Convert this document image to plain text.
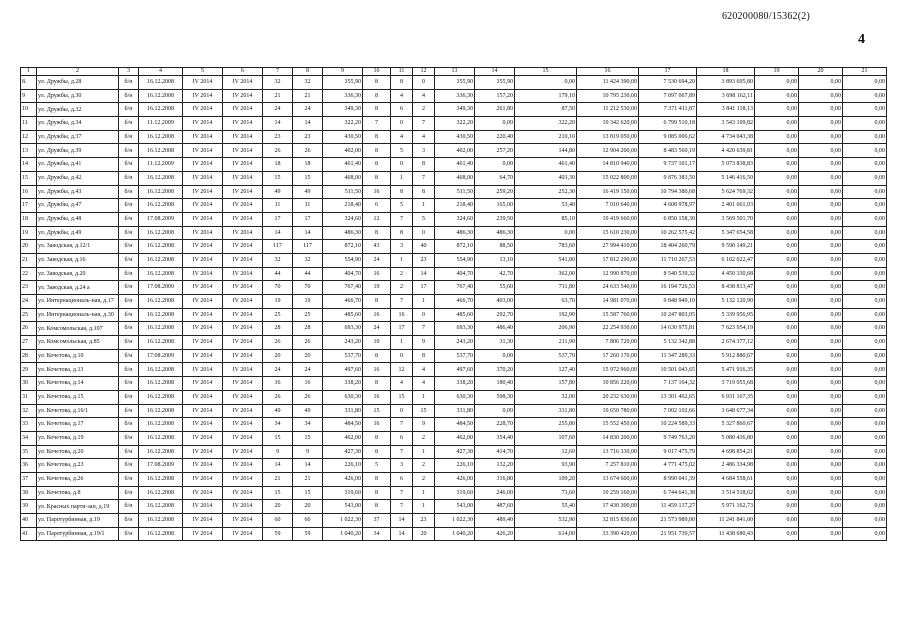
620200080/15362(2)
4
1	2	3	4	5	6	7	8	9	10	11	12	13	14	15	16	17	18	19	20	21
8.	ул. Дружбы, д.28	б/н	16.12.2008	IV 2014	IV 2014	32	32	355,90	8	8	0	355,90	355,90	0,00	11 424 390,00	7 530 694,20	3 893 695,80	0,00	0,00	0,00
9	ул. Дружбы, д.30	б/н	16.12.2008	IV 2014	IV 2014	21	21	336,30	8	4	4	336,30	157,20	179,10	10 795 230,00	7 097 067,89	3 698 162,11	0,00	0,00	0,00
10	ул. Дружбы, д.32	б/н	16.12.2008	IV 2014	IV 2014	24	24	349,30	8	6	2	349,30	261,80	87,50	11 212 530,00	7 371 411,87	3 841 118,13	0,00	0,00	0,00
11	ул. Дружбы, д.34	б/н	11.12.2009	IV 2014	IV 2014	14	14	322,20	7	0	7	322,20	0,00	322,20	10 342 620,00	6 799 510,18	3 543 109,82	0,00	0,00	0,00
12	ул. Дружбы, д.37	б/н	16.12.2008	IV 2014	IV 2014	23	23	430,50	8	4	4	430,50	220,40	210,10	13 819 050,00	9 085 006,62	4 734 043,38	0,00	0,00	0,00
13	ул. Дружбы, д.39	б/н	16.12.2008	IV 2014	IV 2014	26	26	402,00	8	5	3	402,00	257,20	144,80	12 904 200,00	8 483 560,19	4 420 639,81	0,00	0,00	0,00
14	ул. Дружбы, д.41	б/н	11.12.2009	IV 2014	IV 2014	18	18	461,40	8	0	8	461,40	0,00	461,40	14 810 940,00	9 737 101,17	5 073 838,83	0,00	0,00	0,00
15	ул. Дружбы, д.42	б/н	16.12.2008	IV 2014	IV 2014	15	15	468,00	8	1	7	468,00	64,70	403,30	15 022 800,00	9 876 383,50	5 146 416,50	0,00	0,00	0,00
16	ул. Дружбы, д.43	б/н	16.12.2008	IV 2014	IV 2014	49	49	511,50	16	8	8	511,50	259,20	252,30	16 419 150,00	10 794 380,68	5 624 769,32	0,00	0,00	0,00
17	ул. Дружбы, д.47	б/н	16.12.2008	IV 2014	IV 2014	11	11	218,40	6	5	1	218,40	165,00	53,40	7 010 640,00	4 608 978,97	2 401 661,03	0,00	0,00	0,00
18	ул. Дружбы, д.48	б/н	17.08.2009	IV 2014	IV 2014	17	17	324,60	12	7	5	324,60	239,50	85,10	10 419 660,00	6 850 158,30	3 569 501,70	0,00	0,00	0,00
19	ул. Дружбы, д.49	б/н	16.12.2008	IV 2014	IV 2014	14	14	486,30	8	8	0	486,30	486,30	0,00	15 610 230,00	10 262 575,42	5 347 654,58	0,00	0,00	0,00
20	ул. Заводская, д.12/1	б/н	16.12.2008	IV 2014	IV 2014	117	117	872,10	43	3	40	872,10	88,50	783,60	27 994 410,00	18 404 260,79	9 590 149,21	0,00	0,00	0,00
21	ул. Заводская, д.16	б/н	16.12.2008	IV 2014	IV 2014	32	32	554,90	24	1	23	554,90	13,10	541,80	17 812 290,00	11 710 267,53	6 102 022,47	0,00	0,00	0,00
22	ул. Заводская, д.20	б/н	16.12.2008	IV 2014	IV 2014	44	44	404,70	16	2	14	404,70	42,70	362,00	12 990 870,00	8 540 539,32	4 450 330,68	0,00	0,00	0,00
23	ул. Заводская, д.24 а	б/н	17.08.2009	IV 2014	IV 2014	70	70	767,40	19	2	17	767,40	55,60	711,80	24 633 540,00	16 194 726,53	8 438 813,47	0,00	0,00	0,00
24	ул. Интернациональ-ная, д.17	б/н	16.12.2008	IV 2014	IV 2014	19	19	466,70	8	7	1	466,70	403,00	63,70	14 981 070,00	9 848 949,10	5 132 120,90	0,00	0,00	0,00
25	ул. Интернациональ-ная, д.30	б/н	16.12.2008	IV 2014	IV 2014	25	25	485,60	16	16	0	485,60	292,70	192,90	15 587 760,00	10 247 803,05	5 339 956,95	0,00	0,00	0,00
26	ул. Комсомольская, д.107	б/н	16.12.2008	IV 2014	IV 2014	28	28	693,30	24	17	7	693,30	486,40	206,90	22 254 930,00	14 630 975,81	7 623 954,19	0,00	0,00	0,00
27	ул. Комсомольская, д.85	б/н	16.12.2008	IV 2014	IV 2014	26	26	243,20	10	1	9	243,20	31,30	211,90	7 806 720,00	5 132 342,88	2 674 377,12	0,00	0,00	0,00
28	ул. Кочетова, д.10	б/н	17.08.2009	IV 2014	IV 2014	20	20	537,70	8	0	8	537,70	0,00	537,70	17 260 170,00	11 347 289,33	5 912 880,67	0,00	0,00	0,00
29	ул. Кочетова, д.13	б/н	16.12.2008	IV 2014	IV 2014	24	24	497,60	16	12	4	497,60	370,20	127,40	15 972 960,00	10 501 043,65	5 471 916,35	0,00	0,00	0,00
30	ул. Кочетова, д.14	б/н	16.12.2008	IV 2014	IV 2014	16	16	338,20	8	4	4	338,20	180,40	157,80	10 856 220,00	7 137 164,32	3 719 055,68	0,00	0,00	0,00
31	ул. Кочетова, д.15	б/н	16.12.2008	IV 2014	IV 2014	26	26	630,30	16	15	1	630,30	598,30	32,00	20 232 630,00	13 301 462,65	6 931 167,35	0,00	0,00	0,00
32	ул. Кочетова, д.16/1	б/н	16.12.2008	IV 2014	IV 2014	49	49	331,80	15	0	15	331,80	0,00	331,80	10 650 780,00	7 002 102,66	3 648 677,34	0,00	0,00	0,00
33	ул. Кочетова, д.17	б/н	16.12.2008	IV 2014	IV 2014	34	34	484,50	16	7	9	484,50	228,70	255,80	15 552 450,00	10 224 589,33	5 327 860,67	0,00	0,00	0,00
34	ул. Кочетова, д.19	б/н	16.12.2008	IV 2014	IV 2014	15	15	462,00	8	6	2	462,00	354,40	107,60	14 830 200,00	9 749 763,20	5 080 436,80	0,00	0,00	0,00
35	ул. Кочетова, д.20	б/н	16.12.2008	IV 2014	IV 2014	9	9	427,30	8	7	1	427,30	414,70	12,60	13 716 330,00	9 017 475,79	4 698 854,21	0,00	0,00	0,00
36	ул. Кочетова, д.23	б/н	17.08.2009	IV 2014	IV 2014	14	14	226,10	5	3	2	226,10	132,20	93,90	7 257 810,00	4 771 475,02	2 486 334,98	0,00	0,00	0,00
37	ул. Кочетова, д.26	б/н	16.12.2008	IV 2014	IV 2014	21	21	426,00	8	6	2	426,00	316,80	109,20	13 674 600,00	8 990 041,39	4 684 558,61	0,00	0,00	0,00
38	ул. Кочетова, д.8	б/н	16.12.2008	IV 2014	IV 2014	15	15	319,60	8	7	1	319,60	246,00	73,60	10 259 160,00	6 744 641,38	3 514 518,62	0,00	0,00	0,00
39	ул. Красных парти-зан, д.19	б/н	16.12.2008	IV 2014	IV 2014	20	20	543,00	8	7	1	543,00	487,60	55,40	17 430 300,00	11 459 137,27	5 971 162,73	0,00	0,00	0,00
40	ул. Паротурбинная, д.19	б/н	16.12.2008	IV 2014	IV 2014	60	60	1 022,30	37	14	23	1 022,30	489,40	532,90	32 815 830,00	21 573 989,00	11 241 841,00	0,00	0,00	0,00
41	ул. Паротурбинная, д.19/1	б/н	16.12.2008	IV 2014	IV 2014	59	59	1 040,20	34	14	20	1 040,20	426,20	614,00	33 390 420,00	21 951 739,57	11 438 680,43	0,00	0,00	0,00
